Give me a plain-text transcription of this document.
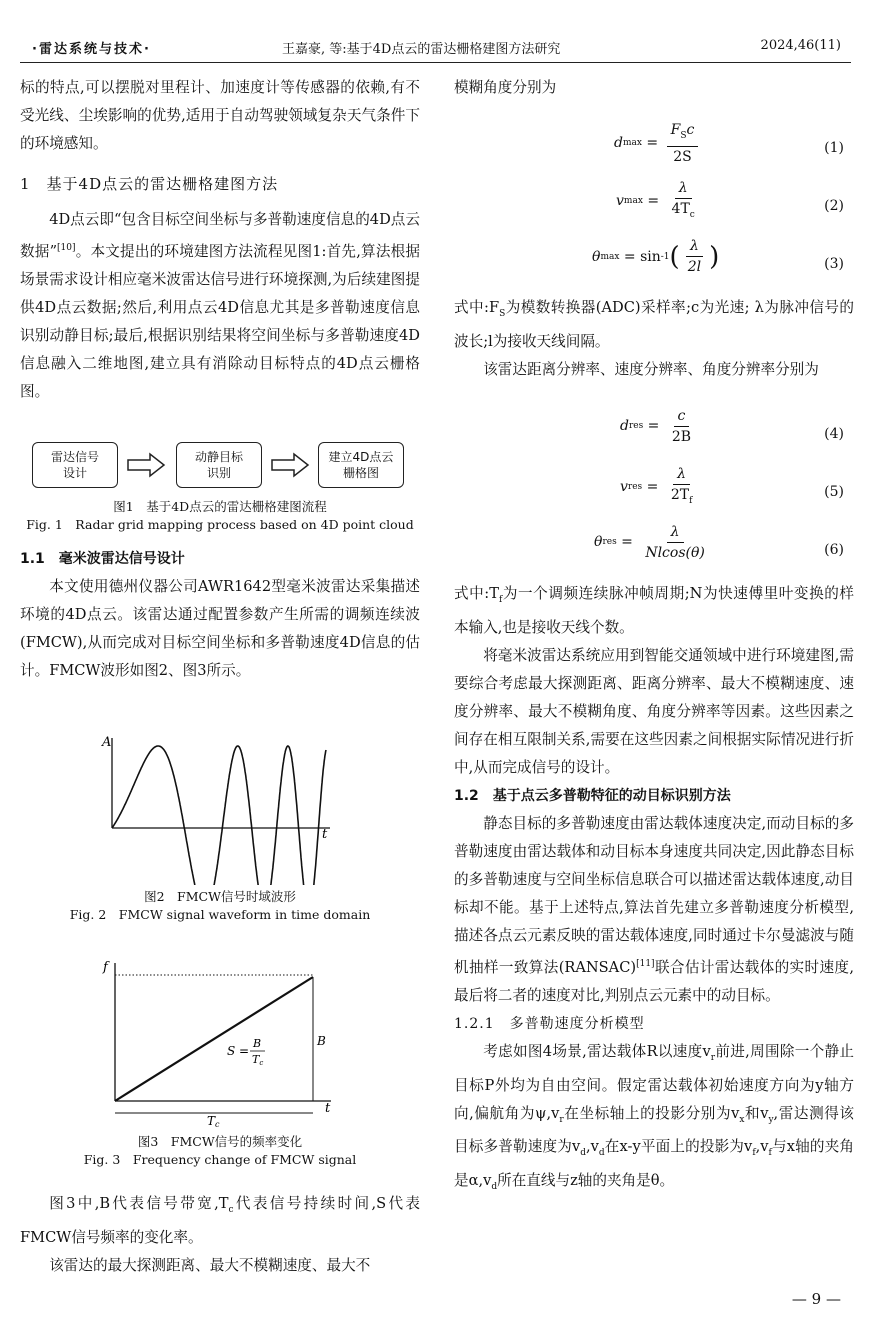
·雷达系统与技术·	王嘉豪, 等:基于4D点云的雷达栅格建图方法研究	2024,46(11)

标的特点,可以摆脱对里程计、加速度计等传感器的依赖,有不受光线、尘埃影响的优势,适用于自动驾驶领域复杂天气条件下的环境感知。

1　基于4D点云的雷达栅格建图方法

4D点云即“包含目标空间坐标与多普勒速度信息的4D点云数据”[10]。本文提出的环境建图方法流程见图1:首先,算法根据场景需求设计相应毫米波雷达信号进行环境探测,为后续建图提供4D点云数据;然后,利用点云4D信息尤其是多普勒速度信息识别动静目标;最后,根据识别结果将空间坐标与多普勒速度4D信息融入二维地图,建立具有消除动目标特点的4D点云栅格图。

雷达信号
设计
动静目标
识别
建立4D点云
栅格图
图1　基于4D点云的雷达栅格建图流程
Fig. 1　Radar grid mapping process based on 4D point cloud

1.1　毫米波雷达信号设计

本文使用德州仪器公司AWR1642型毫米波雷达采集描述环境的4D点云。该雷达通过配置参数产生所需的调频连续波(FMCW),从而完成对目标空间坐标和多普勒速度4D信息的估计。FMCW波形如图2、图3所示。

A
t
图2　FMCW信号时域波形
Fig. 2　FMCW signal waveform in time domain
f
t
B
Tc
S =
B
Tc
图3　FMCW信号的频率变化
Fig. 3　Frequency change of FMCW signal

图3中,B代表信号带宽$,T_c$代表信号持续时间,S代表FMCW信号频率的变化率。

该雷达的最大探测距离、最大不模糊速度、最大不

模糊角度分别为

d $\max = \frac{F_Sc}{2S}$	(1)
v $\max = \frac{\lambda}{4T_c}$	(2)
θ max = sin -1 ( $\frac{\lambda}{2l}$ )	(3)

式中$:F_S$为模数转换器(ADC)采样率;c为光速; λ为脉冲信号的波长;l为接收天线间隔。

该雷达距离分辨率、速度分辨率、角度分辨率分别为

d res = $\frac{c}{2B}$	(4)
v res = $\frac{\lambda}{2T_f}$	(5)
θ res = $\frac{\lambda}{Nlcos(\theta)}$	(6)

式中$:T_f$为一个调频连续脉冲帧周期;N为快速傅里叶变换的样本输入,也是接收天线个数。

将毫米波雷达系统应用到智能交通领域中进行环境建图,需要综合考虑最大探测距离、距离分辨率、最大不模糊速度、速度分辨率、最大不模糊角度、角度分辨率等因素。这些因素之间存在相互限制关系,需要在这些因素之间根据实际情况进行折中,从而完成信号的设计。

1.2　基于点云多普勒特征的动目标识别方法

静态目标的多普勒速度由雷达载体速度决定,而动目标的多普勒速度由雷达载体和动目标本身速度共同决定,因此静态目标的多普勒速度与空间坐标信息联合可以描述雷达载体速度,动目标却不能。基于上述特点,算法首先建立多普勒速度分析模型,描述各点云元素反映的雷达载体速度,同时通过卡尔曼滤波与随机抽样一致算法(RANSAC)[11]联合估计雷达载体的实时速度,最后将二者的速度对比,判别点云元素中的动目标。

1.2.1　多普勒速度分析模型

考虑如图4场景,雷达载体R以速度$v_r$前进,周围除一个静止目标P外均为自由空间。假定雷达载体初始速度方向为y轴方向,偏航角为$\psi,v_r$在坐标轴上的投影分别为$v_x$和$v_y$,雷达测得该目标多普勒速度为$v_d,v_d$在x-y平面上的投影为$v_f,v_f$与x轴的夹角是$\alpha,v_d$所在直线与z轴的夹角是θ。

— 9 —
